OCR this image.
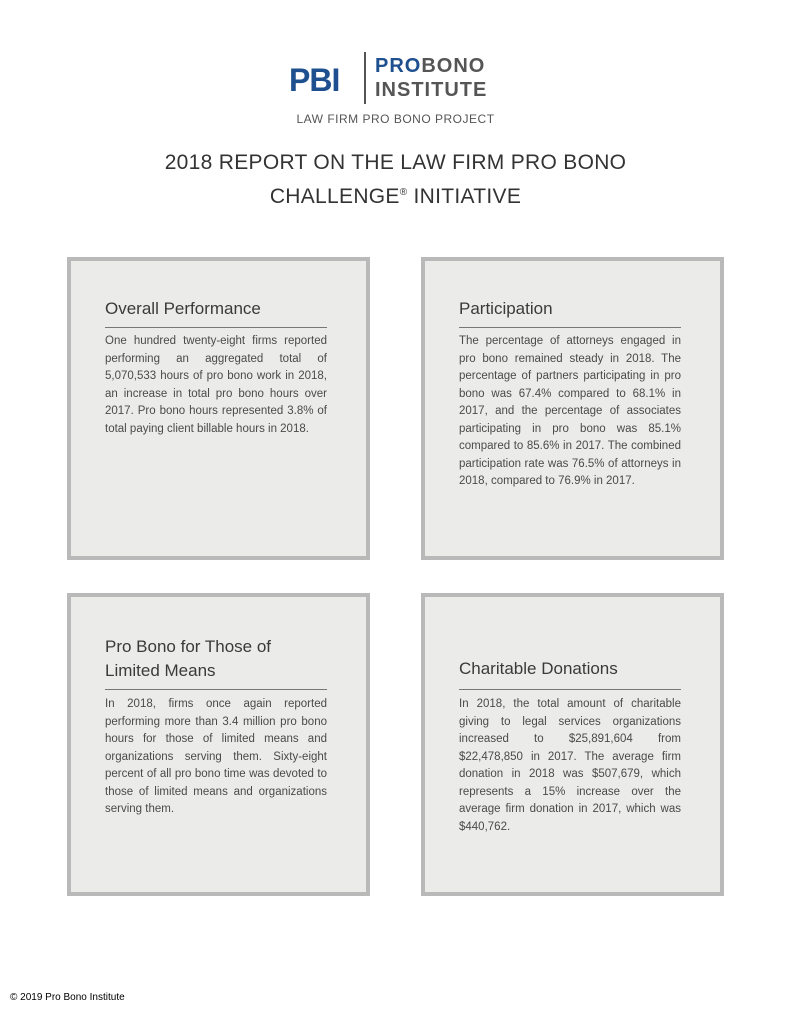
PBI PROBONO
INSTITUTE
LAW FIRM PRO BONO PROJECT
2018 REPORT ON THE LAW FIRM PRO BONO
CHALLENGE® INITIATIVE
Overall Performance
One hundred twenty-eight firms reported performing an aggregated total of 5,070,533 hours of pro bono work in 2018, an increase in total pro bono hours over 2017. Pro bono hours represented 3.8% of total paying client billable hours in 2018.
Participation
The percentage of attorneys engaged in pro bono remained steady in 2018. The percentage of partners participating in pro bono was 67.4% compared to 68.1% in 2017, and the percentage of associates participating in pro bono was 85.1% compared to 85.6% in 2017. The combined participation rate was 76.5% of attorneys in 2018, compared to 76.9% in 2017.
Pro Bono for Those of Limited Means
In 2018, firms once again reported performing more than 3.4 million pro bono hours for those of limited means and organizations serving them. Sixty-eight percent of all pro bono time was devoted to those of limited means and organizations serving them.
Charitable Donations
In 2018, the total amount of charitable giving to legal services organizations increased to $25,891,604 from $22,478,850 in 2017. The average firm donation in 2018 was $507,679, which represents a 15% increase over the average firm donation in 2017, which was $440,762.
© 2019 Pro Bono Institute
